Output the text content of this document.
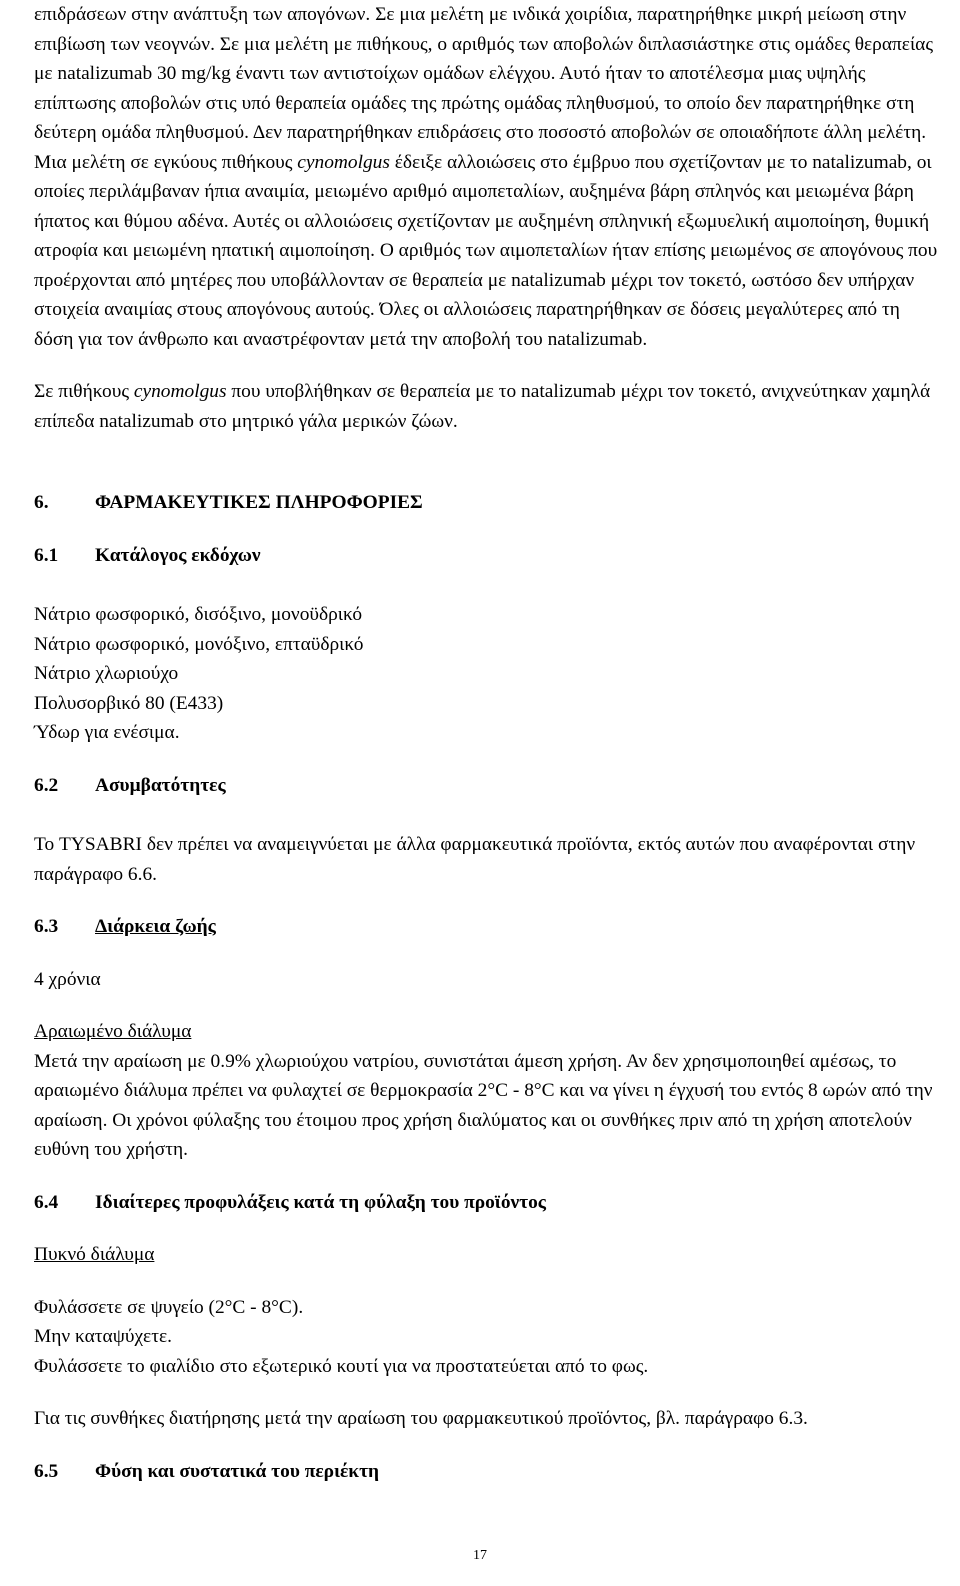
επιδράσεων στην ανάπτυξη των απογόνων. Σε μια μελέτη με ινδικά χοιρίδια, παρατηρήθηκε μικρή μείωση στην επιβίωση των νεογνών. Σε μια μελέτη με πιθήκους, ο αριθμός των αποβολών διπλασιάστηκε στις ομάδες θεραπείας με natalizumab 30 mg/kg έναντι των αντιστοίχων ομάδων ελέγχου. Αυτό ήταν το αποτέλεσμα μιας υψηλής επίπτωσης αποβολών στις υπό θεραπεία ομάδες της πρώτης ομάδας πληθυσμού, το οποίο δεν παρατηρήθηκε στη δεύτερη ομάδα πληθυσμού. Δεν παρατηρήθηκαν επιδράσεις στο ποσοστό αποβολών σε οποιαδήποτε άλλη μελέτη. Μια μελέτη σε εγκύους πιθήκους cynomolgus έδειξε αλλοιώσεις στο έμβρυο που σχετίζονταν με το natalizumab, οι οποίες περιλάμβαναν ήπια αναιμία, μειωμένο αριθμό αιμοπεταλίων, αυξημένα βάρη σπληνός και μειωμένα βάρη ήπατος και θύμου αδένα. Αυτές οι αλλοιώσεις σχετίζονταν με αυξημένη σπληνική εξωμυελική αιμοποίηση, θυμική ατροφία και μειωμένη ηπατική αιμοποίηση. Ο αριθμός των αιμοπεταλίων ήταν επίσης μειωμένος σε απογόνους που προέρχονται από μητέρες που υποβάλλονταν σε θεραπεία με natalizumab μέχρι τον τοκετό, ωστόσο δεν υπήρχαν στοιχεία αναιμίας στους απογόνους αυτούς. Όλες οι αλλοιώσεις παρατηρήθηκαν σε δόσεις μεγαλύτερες από τη δόση για τον άνθρωπο και αναστρέφονταν μετά την αποβολή του natalizumab.

Σε πιθήκους cynomolgus που υποβλήθηκαν σε θεραπεία με το natalizumab μέχρι τον τοκετό, ανιχνεύτηκαν χαμηλά επίπεδα natalizumab στο μητρικό γάλα μερικών ζώων.

6.	ΦΑΡΜΑΚΕΥΤΙΚΕΣ ΠΛΗΡΟΦΟΡΙΕΣ
6.1	Κατάλογος εκδόχων

Νάτριο φωσφορικό, δισόξινο, μονοϋδρικό

Νάτριο φωσφορικό, μονόξινο, επταϋδρικό

Νάτριο χλωριούχο

Πολυσορβικό 80 (E433)

Ύδωρ για ενέσιμα.

6.2	Ασυμβατότητες

Το TYSABRI δεν πρέπει να αναμειγνύεται με άλλα φαρμακευτικά προϊόντα, εκτός αυτών που αναφέρονται στην παράγραφο 6.6.

6.3	Διάρκεια ζωής

4 χρόνια

Αραιωμένο διάλυμα

Μετά την αραίωση με 0.9% χλωριούχου νατρίου, συνιστάται άμεση χρήση. Αν δεν χρησιμοποιηθεί αμέσως, το αραιωμένο διάλυμα πρέπει να φυλαχτεί σε θερμοκρασία 2°C - 8°C και να γίνει η έγχυσή του εντός 8 ωρών από την αραίωση. Οι χρόνοι φύλαξης του έτοιμου προς χρήση διαλύματος και οι συνθήκες πριν από τη χρήση αποτελούν ευθύνη του χρήστη.

6.4	Ιδιαίτερες προφυλάξεις κατά τη φύλαξη του προϊόντος

Πυκνό διάλυμα

Φυλάσσετε σε ψυγείο (2°C - 8°C).

Μην καταψύχετε.

Φυλάσσετε το φιαλίδιο στο εξωτερικό κουτί για να προστατεύεται από το φως.

Για τις συνθήκες διατήρησης μετά την αραίωση του φαρμακευτικού προϊόντος, βλ. παράγραφο 6.3.

6.5	Φύση και συστατικά του περιέκτη
17
